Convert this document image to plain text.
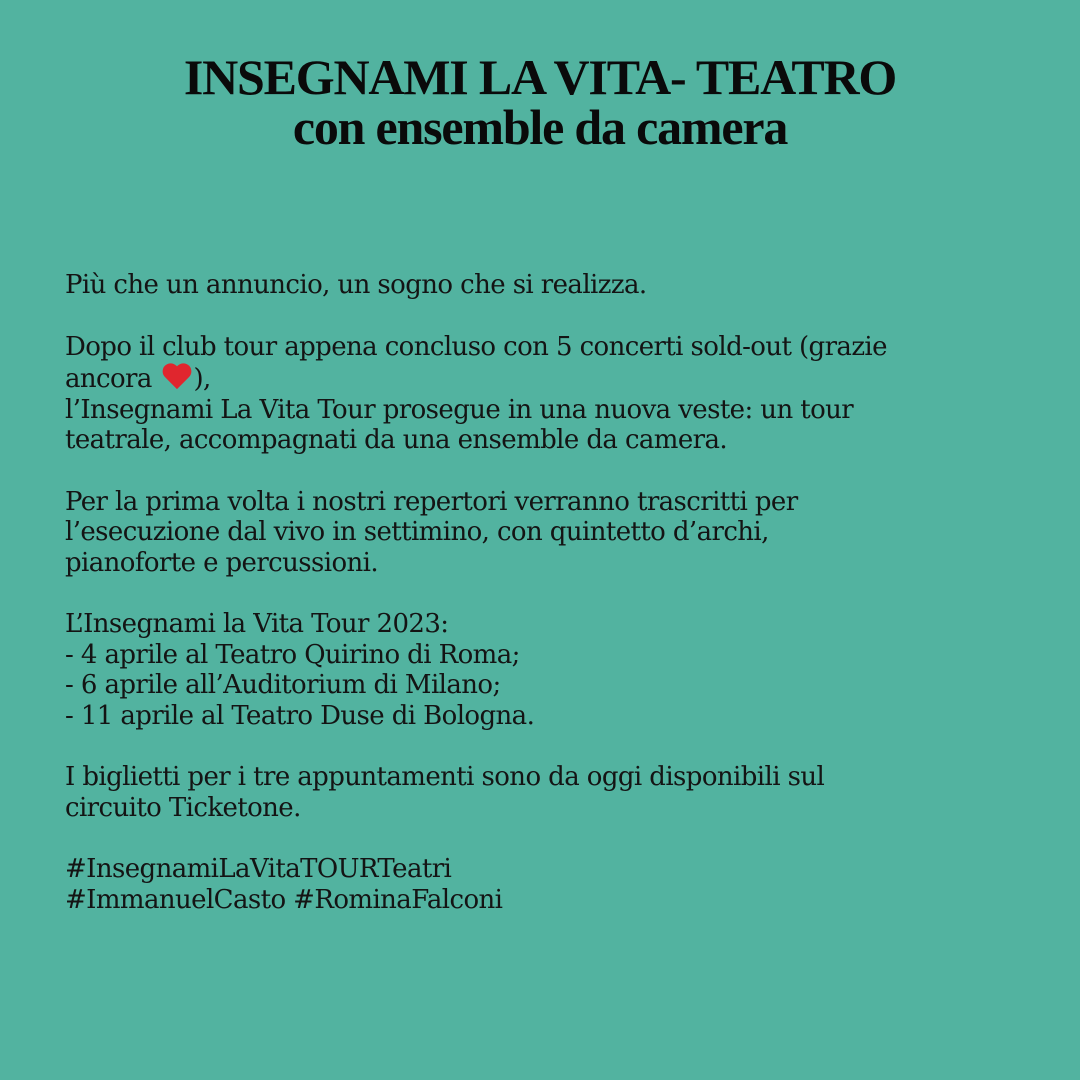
INSEGNAMI LA VITA- TEATRO
con ensemble da camera

Più che un annuncio, un sogno che si realizza.

Dopo il club tour appena concluso con 5 concerti sold-out (grazie
ancora ),
l’Insegnami La Vita Tour prosegue in una nuova veste: un tour
teatrale, accompagnati da una ensemble da camera.

Per la prima volta i nostri repertori verranno trascritti per
l’esecuzione dal vivo in settimino, con quintetto d’archi,
pianoforte e percussioni.

L’Insegnami la Vita Tour 2023:
- 4 aprile al Teatro Quirino di Roma;
- 6 aprile all’Auditorium di Milano;
- 11 aprile al Teatro Duse di Bologna.

I biglietti per i tre appuntamenti sono da oggi disponibili sul
circuito Ticketone.

#InsegnamiLaVitaTOURTeatri
#ImmanuelCasto #RominaFalconi
